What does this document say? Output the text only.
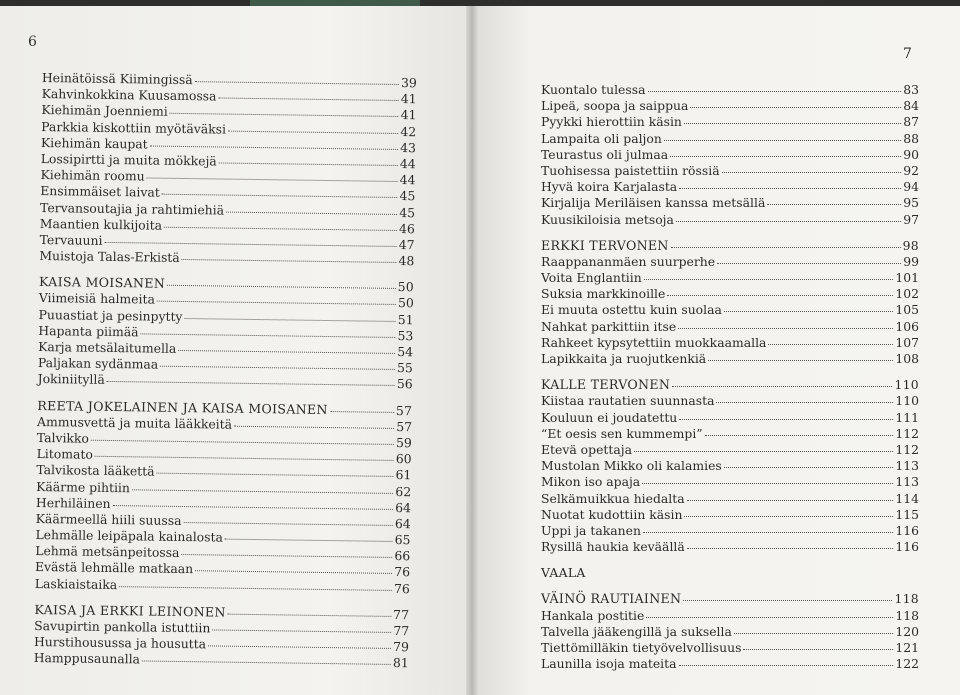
6
7
Heinätöissä Kiimingissä	39
Kahvinkokkina Kuusamossa	41
Kiehimän Joenniemi	41
Parkkia kiskottiin myötäväksi	42
Kiehimän kaupat	43
Lossipirtti ja muita mökkejä	44
Kiehimän roomu	44
Ensimmäiset laivat	45
Tervansoutajia ja rahtimiehiä	45
Maantien kulkijoita	46
Tervauuni	47
Muistoja Talas-Erkistä	48
KAISA MOISANEN	50
Viimeisiä halmeita	50
Puuastiat ja pesinpytty	51
Hapanta piimää	53
Karja metsälaitumella	54
Paljakan sydänmaa	55
Jokiniityllä	56
REETA JOKELAINEN JA KAISA MOISANEN	57
Ammusvettä ja muita lääkkeitä	57
Talvikko	59
Litomato	60
Talvikosta lääkettä	61
Käärme pihtiin	62
Herhiläinen	64
Käärmeellä hiili suussa	64
Lehmälle leipäpala kainalosta	65
Lehmä metsänpeitossa	66
Evästä lehmälle matkaan	76
Laskiaistaika	76
KAISA JA ERKKI LEINONEN	77
Savupirtin pankolla istuttiin	77
Hurstihousussa ja housutta	79
Hamppusaunalla	81
Kuontalo tulessa	83
Lipeä, soopa ja saippua	84
Pyykki hierottiin käsin	87
Lampaita oli paljon	88
Teurastus oli julmaa	90
Tuohisessa paistettiin rössiä	92
Hyvä koira Karjalasta	94
Kirjalija Meriläisen kanssa metsällä	95
Kuusikiloisia metsoja	97
ERKKI TERVONEN	98
Raappananmäen suurperhe	99
Voita Englantiin	101
Suksia markkinoille	102
Ei muuta ostettu kuin suolaa	105
Nahkat parkittiin itse	106
Rahkeet kypsytettiin muokkaamalla	107
Lapikkaita ja ruojutkenkiä	108
KALLE TERVONEN	110
Kiistaa rautatien suunnasta	110
Kouluun ei joudatettu	111
“Et oesis sen kummempi”	112
Etevä opettaja	112
Mustolan Mikko oli kalamies	113
Mikon iso apaja	113
Selkämuikkua hiedalta	114
Nuotat kudottiin käsin	115
Uppi ja takanen	116
Rysillä haukia keväällä	116
VAALA
VÄINÖ RAUTIAINEN	118
Hankala postitie	118
Talvella jääkengillä ja suksella	120
Tiettömilläkin tietyövelvollisuus	121
Launilla isoja mateita	122
